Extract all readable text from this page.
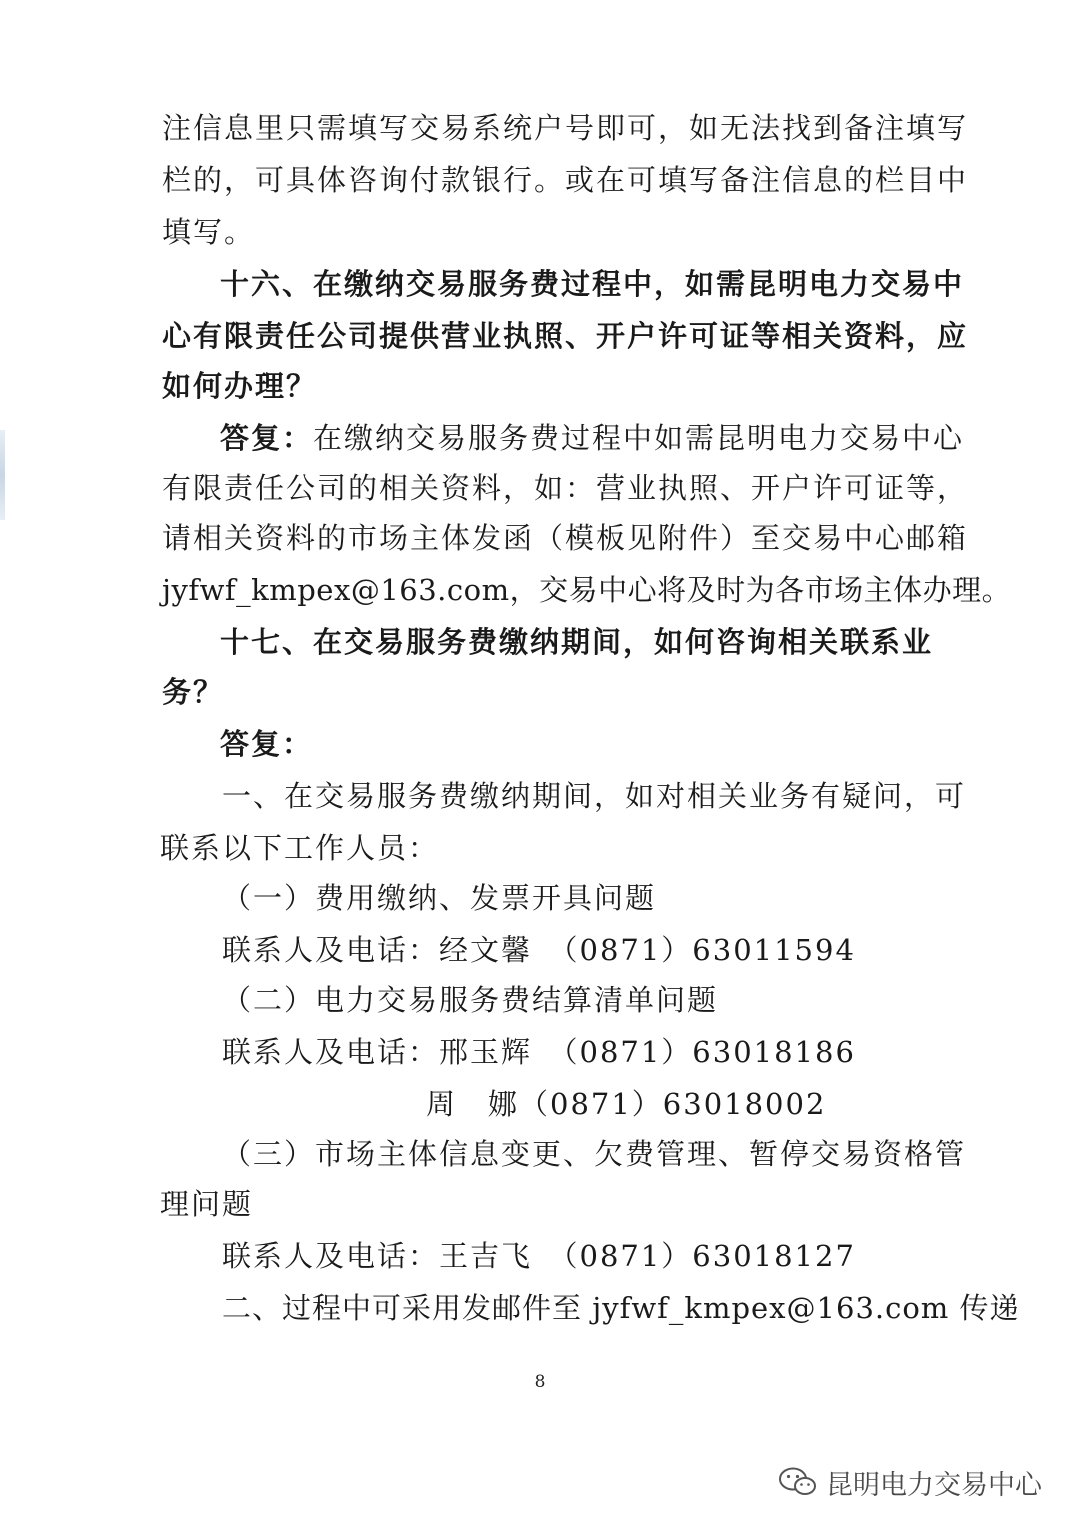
注信息里只需填写交易系统户号即可，如无法找到备注填写
栏的，可具体咨询付款银行。或在可填写备注信息的栏目中
填写。
十六、在缴纳交易服务费过程中，如需昆明电力交易中
心有限责任公司提供营业执照、开户许可证等相关资料，应
如何办理？
答复： 在缴纳交易服务费过程中如需昆明电力交易中心
有限责任公司的相关资料，如：营业执照、开户许可证等，
请相关资料的市场主体发函（模板见附件）至交易中心邮箱
jyfwf_kmpex@163.com，交易中心将及时为各市场主体办理。
十七、在交易服务费缴纳期间，如何咨询相关联系业
务？
答复：
一、在交易服务费缴纳期间，如对相关业务有疑问，可
联系以下工作人员：
（一）费用缴纳、发票开具问题
联系人及电话：经文馨　（0871）63011594
（二）电力交易服务费结算清单问题
联系人及电话：邢玉辉　（0871）63018186
周　娜（0871）63018002
（三）市场主体信息变更、欠费管理、暂停交易资格管
理问题
联系人及电话：王吉飞　（0871）63018127
二、过程中可采用发邮件至 jyfwf_kmpex@163.com 传递
8
昆明电力交易中心
